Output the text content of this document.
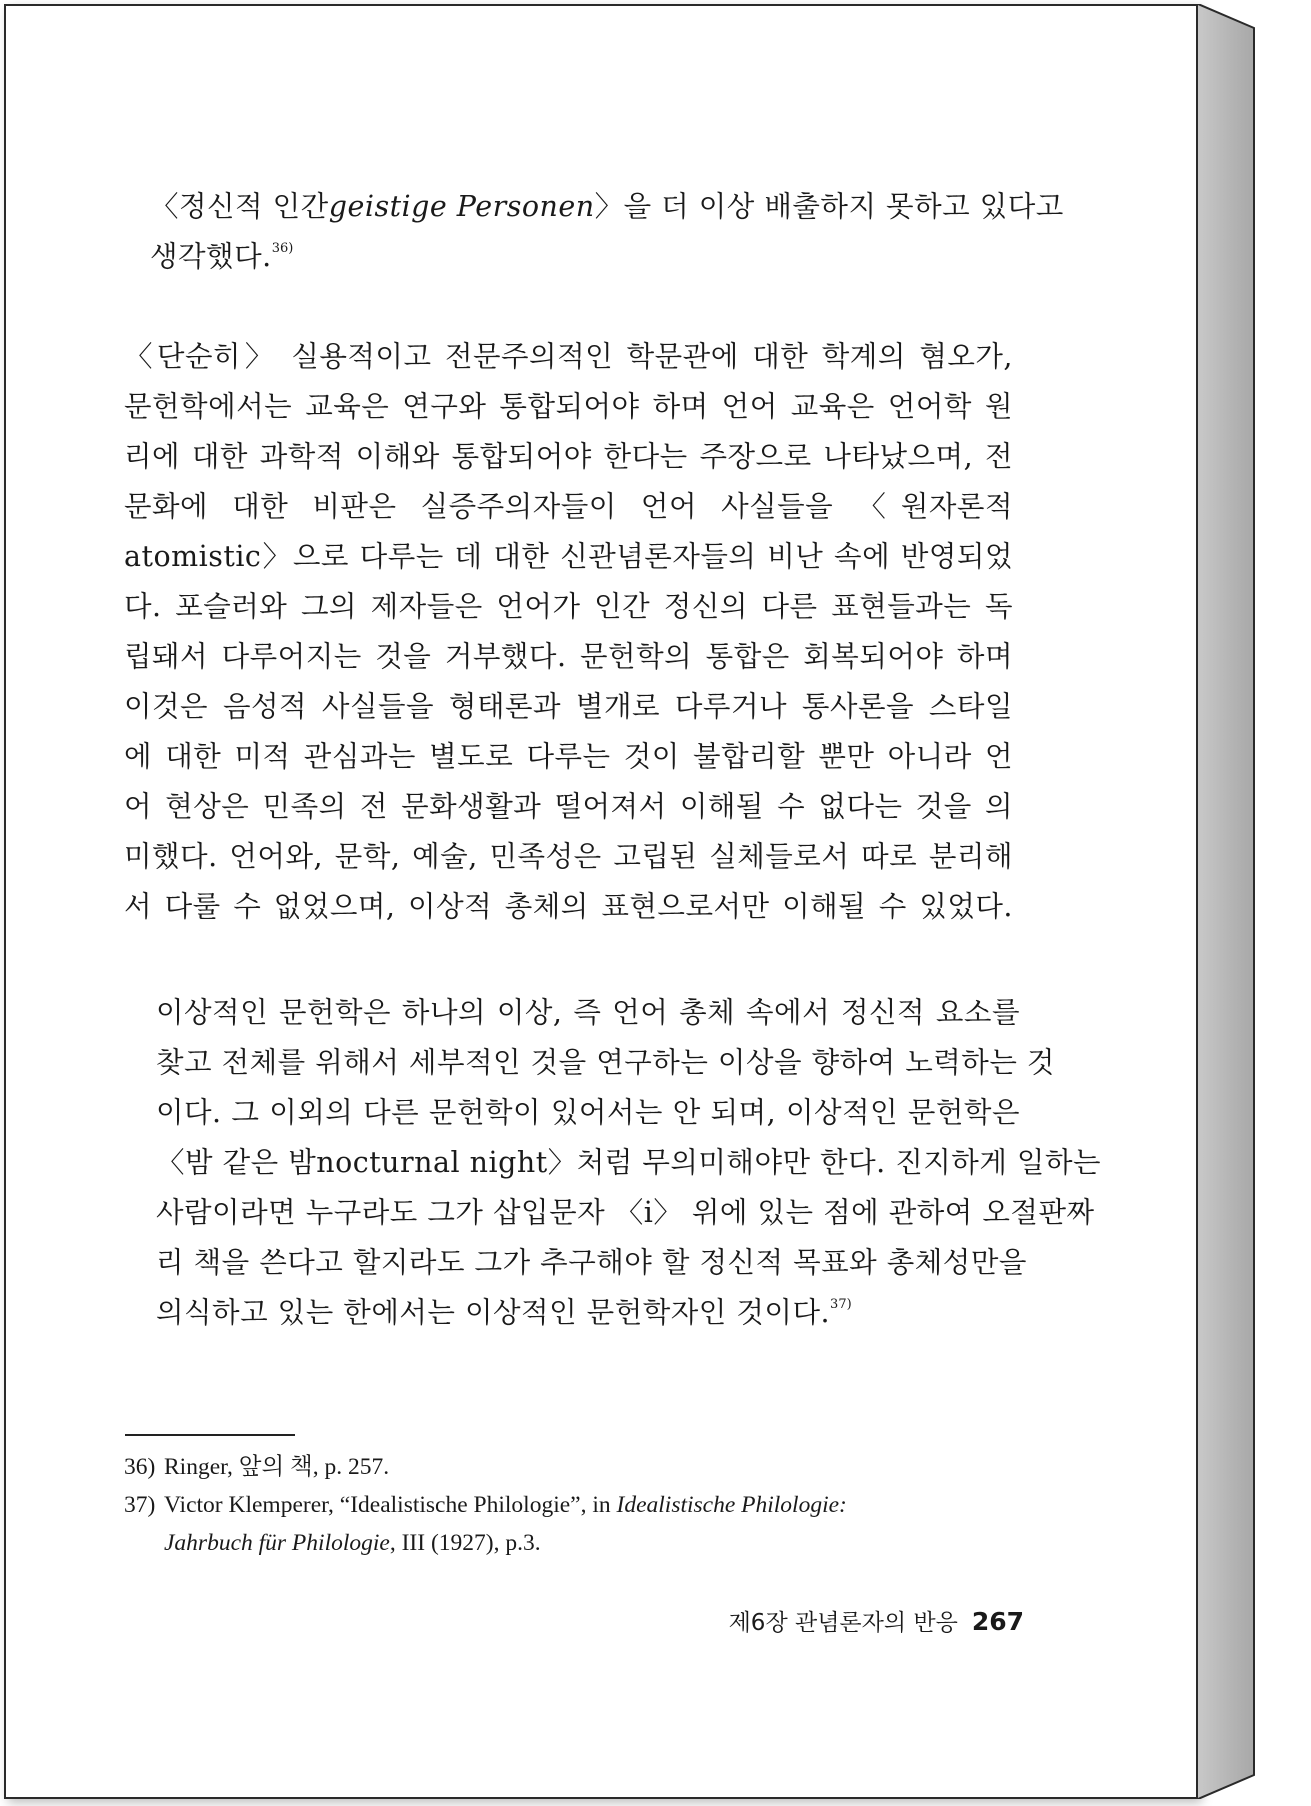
〈정신적 인간geistige Personen〉을 더 이상 배출하지 못하고 있다고
생각했다.$^{36)}$
〈단순히〉 실용적이고 전문주의적인 학문관에 대한 학계의 혐오가,
문헌학에서는 교육은 연구와 통합되어야 하며 언어 교육은 언어학 원
리에 대한 과학적 이해와 통합되어야 한다는 주장으로 나타났으며, 전
문화에 대한 비판은 실증주의자들이 언어 사실들을 〈원자론적
atomistic〉으로 다루는 데 대한 신관념론자들의 비난 속에 반영되었
다. 포슬러와 그의 제자들은 언어가 인간 정신의 다른 표현들과는 독
립돼서 다루어지는 것을 거부했다. 문헌학의 통합은 회복되어야 하며
이것은 음성적 사실들을 형태론과 별개로 다루거나 통사론을 스타일
에 대한 미적 관심과는 별도로 다루는 것이 불합리할 뿐만 아니라 언
어 현상은 민족의 전 문화생활과 떨어져서 이해될 수 없다는 것을 의
미했다. 언어와, 문학, 예술, 민족성은 고립된 실체들로서 따로 분리해
서 다룰 수 없었으며, 이상적 총체의 표현으로서만 이해될 수 있었다.
이상적인 문헌학은 하나의 이상, 즉 언어 총체 속에서 정신적 요소를
찾고 전체를 위해서 세부적인 것을 연구하는 이상을 향하여 노력하는 것
이다. 그 이외의 다른 문헌학이 있어서는 안 되며, 이상적인 문헌학은
〈밤 같은 밤nocturnal night〉처럼 무의미해야만 한다. 진지하게 일하는
사람이라면 누구라도 그가 삽입문자 〈i〉 위에 있는 점에 관하여 오절판짜
리 책을 쓴다고 할지라도 그가 추구해야 할 정신적 목표와 총체성만을
의식하고 있는 한에서는 이상적인 문헌학자인 것이다.$^{37)}$
36) Ringer, 앞의 책, p. 257.
37) Victor Klemperer, “Idealistische Philologie”, in Idealistische Philologie:
Jahrbuch für Philologie, III (1927), p.3.
제6장 관념론자의 반응 267
